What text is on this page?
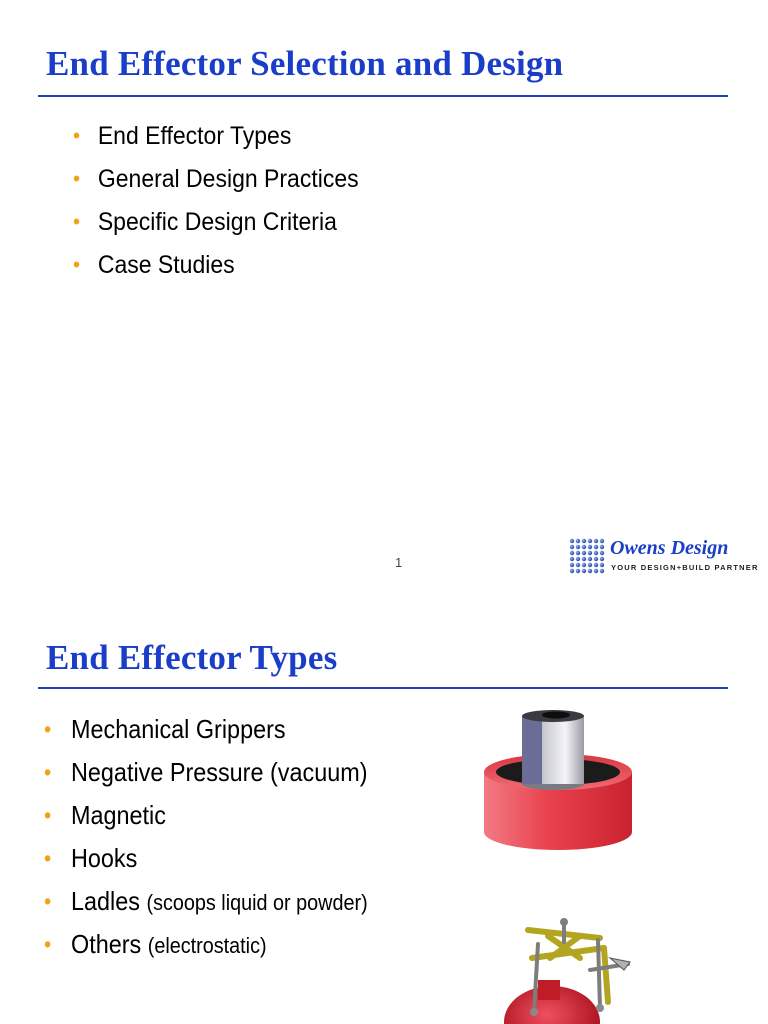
End Effector Selection and Design
• End Effector Types
• General Design Practices
• Specific Design Criteria
• Case Studies
1
Owens Design
YOUR DESIGN+BUILD PARTNER
End Effector Types
• Mechanical Grippers
• Negative Pressure (vacuum)
• Magnetic
• Hooks
• Ladles (scoops liquid or powder)
• Others (electrostatic)
